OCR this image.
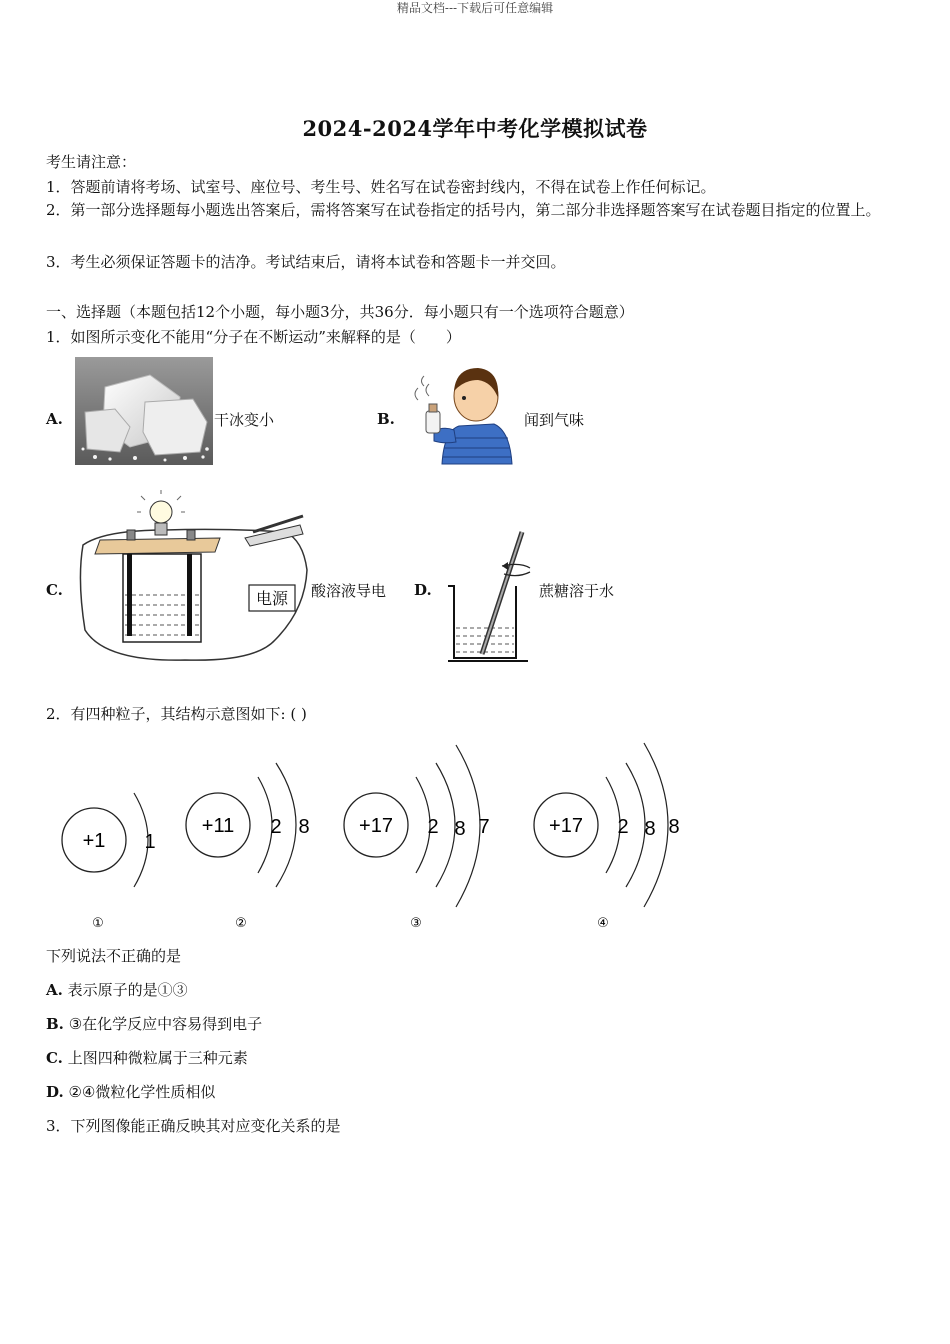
精品文档---下载后可任意编辑
2024-2024学年中考化学模拟试卷
考生请注意：
1．答题前请将考场、试室号、座位号、考生号、姓名写在试卷密封线内，不得在试卷上作任何标记。
2．第一部分选择题每小题选出答案后，需将答案写在试卷指定的括号内，第二部分非选择题答案写在试卷题目指定的位置上。
3．考生必须保证答题卡的洁净。考试结束后，请将本试卷和答题卡一并交回。
一、选择题（本题包括12个小题，每小题3分，共36分．每小题只有一个选项符合题意）
1．如图所示变化不能用“分子在不断运动”来解释的是（　　）
A.	干冰变小	B.	闻到气味
C.
电源 酸溶液导电 D.	蔗糖溶于水
2．有四种粒子，其结构示意图如下: ( )
+1 1
+11 2 8 +17 2 8 7	+17 2 8 8
①	②	③	④
下列说法不正确的是
A. 表示原子的是①③
B. ③在化学反应中容易得到电子
C. 上图四种微粒属于三种元素
D. ②④微粒化学性质相似
3．下列图像能正确反映其对应变化关系的是
